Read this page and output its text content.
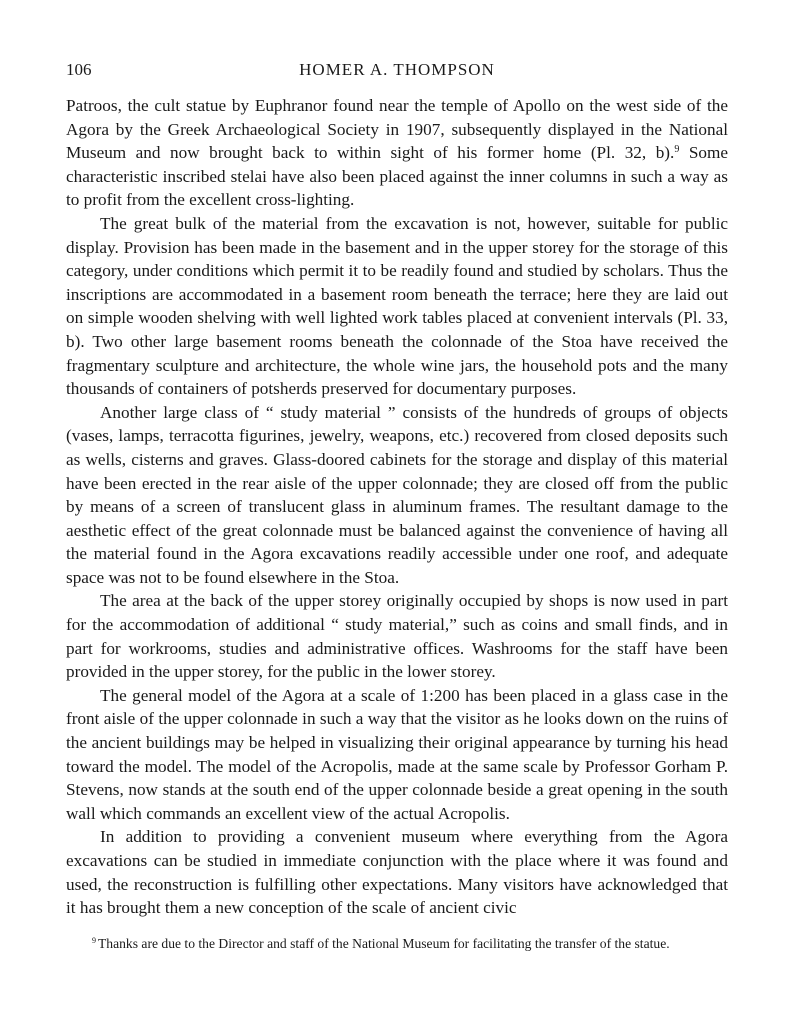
106	HOMER A. THOMPSON

Patroos, the cult statue by Euphranor found near the temple of Apollo on the west side of the Agora by the Greek Archaeological Society in 1907, subsequently displayed in the National Museum and now brought back to within sight of his former home (Pl. 32, b).$^9$ Some characteristic inscribed stelai have also been placed against the inner columns in such a way as to profit from the excellent cross-lighting.

The great bulk of the material from the excavation is not, however, suitable for public display. Provision has been made in the basement and in the upper storey for the storage of this category, under conditions which permit it to be readily found and studied by scholars. Thus the inscriptions are accommodated in a basement room beneath the terrace; here they are laid out on simple wooden shelving with well lighted work tables placed at convenient intervals (Pl. 33, b). Two other large basement rooms beneath the colonnade of the Stoa have received the fragmentary sculpture and architecture, the whole wine jars, the household pots and the many thousands of containers of potsherds preserved for documentary purposes.

Another large class of “ study material ” consists of the hundreds of groups of objects (vases, lamps, terracotta figurines, jewelry, weapons, etc.) recovered from closed deposits such as wells, cisterns and graves. Glass-doored cabinets for the storage and display of this material have been erected in the rear aisle of the upper colonnade; they are closed off from the public by means of a screen of translucent glass in aluminum frames. The resultant damage to the aesthetic effect of the great colonnade must be balanced against the convenience of having all the material found in the Agora excavations readily accessible under one roof, and adequate space was not to be found elsewhere in the Stoa.

The area at the back of the upper storey originally occupied by shops is now used in part for the accommodation of additional “ study material,” such as coins and small finds, and in part for workrooms, studies and administrative offices. Washrooms for the staff have been provided in the upper storey, for the public in the lower storey.

The general model of the Agora at a scale of 1:200 has been placed in a glass case in the front aisle of the upper colonnade in such a way that the visitor as he looks down on the ruins of the ancient buildings may be helped in visualizing their original appearance by turning his head toward the model. The model of the Acropolis, made at the same scale by Professor Gorham P. Stevens, now stands at the south end of the upper colonnade beside a great opening in the south wall which commands an excellent view of the actual Acropolis.

In addition to providing a convenient museum where everything from the Agora excavations can be studied in immediate conjunction with the place where it was found and used, the reconstruction is fulfilling other expectations. Many visitors have acknowledged that it has brought them a new conception of the scale of ancient civic

$^9$ Thanks are due to the Director and staff of the National Museum for facilitating the transfer of the statue.
